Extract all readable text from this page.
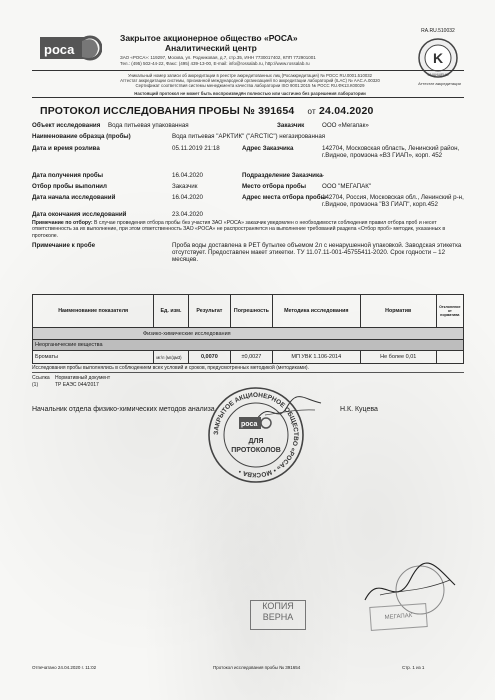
роса
Закрытое акционерное общество «РОСА»
Аналитический центр
ЗАО «РОСА»: 119297, Москва, ул. Родниковая, д.7, стр.35, ИНН 7730017402, КПП 772901001
Тел.: (495) 502-44-22, Факс: (495) 439-13-00, E-mail: info@rossalab.ru, http://www.rossalab.ru
RA.RU.510032
K
ЗАЩИЩЕНО
Аттестат аккредитации
Уникальный номер записи об аккредитации в реестре аккредитованных лиц (Росаккредитация) № РОСС RU.0001.510032
Аттестат аккредитации системы, признанной международной организацией по аккредитации лабораторий (ILAC) № AAC.A.00320
Сертификат соответствия системы менеджмента качества лаборатории ISO 9001:2015 № РОСС RU.ФК13.К00029
Настоящий протокол не может быть воспроизведён полностью или частично без разрешения лаборатории
ПРОТОКОЛ ИССЛЕДОВАНИЯ ПРОБЫ № 391654 от 24.04.2020
Объект исследования Вода питьевая упакованная	Заказчик	ООО «Мегапак»
Наименование образца (пробы)	Вода питьевая "АРКТИК" ("ARCTIC") негазированная
Дата и время розлива	05.11.2019 21:18	Адрес Заказчика	142704, Московская область, Ленинский район, г.Видное, промзона «ВЗ ГИАП», корп. 452
Дата получения пробы	16.04.2020	Подразделение Заказчика -
Отбор пробы выполнил	Заказчик	Место отбора пробы	ООО "МЕГАПАК"
Дата начала исследований	16.04.2020	Адрес места отбора пробы
142704, Россия, Московская обл., Ленинский р-н, г.Видное, промзона "ВЗ ГИАП", корп.452
Дата окончания исследований	23.04.2020
Примечание по отбору: В случае проведения отбора пробы без участия ЗАО «РОСА» заказчик уведомлен о необходимости соблюдения правил отбора проб и несет ответственность за их выполнение, при этом ответственность ЗАО «РОСА» не распространяется на выполнение требований раздела «Отбор проб» методик, указанных в протоколе.
Примечание к пробе	Проба воды доставлена в PET бутылке объемом 2л с ненарушенной упаковкой. Заводская этикетка отсутствует. Предоставлен макет этикетки. ТУ 11.07.11-001-45755411-2020. Срок годности – 12 месяцев.
Наименование показателя	Ед. изм.	Результат	Погрешность	Методика исследования	Норматив	Отклонение от норматива
Физико-химические исследования						
Неорганические вещества						
Броматы	мг/л (мг/дм3)	0,0070	±0,0027	МП УВК 1.106-2014	Не более 0,01	
Исследования пробы выполнялись в соблюдением всех условий и сроков, предусмотренных методикой (методиками).
Ссылка Нормативный документ
(1)	ТР ЕАЭС 044/2017
Начальник отдела физико-химических методов анализа	Н.К. Куцева
ЗАКРЫТОЕ АКЦИОНЕРНОЕ ОБЩЕСТВО «РОСА» • МОСКВА •
роса
ДЛЯ
ПРОТОКОЛОВ
КОПИЯ
ВЕРНА	МЕГАПАК
Отпечатано 24.04.2020 г. 11:02	Протокол исследования пробы № 391654	Стр. 1 из 1
